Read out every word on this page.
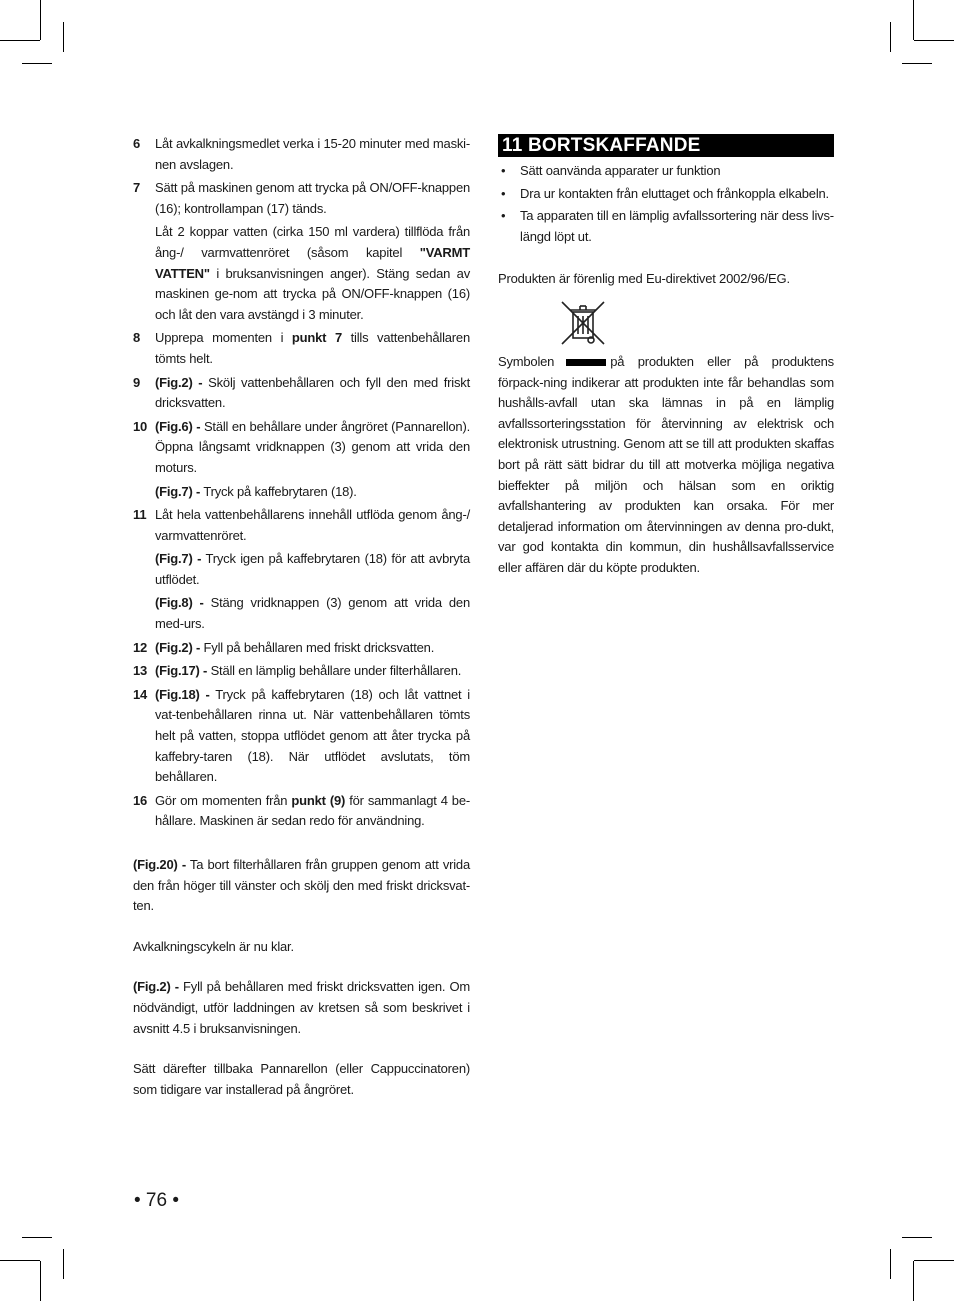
6 Låt avkalkningsmedlet verka i 15-20 minuter med maski-nen avslagen.
7 Sätt på maskinen genom att trycka på ON/OFF-knappen (16); kontrollampan (17) tänds.
Låt 2 koppar vatten (cirka 150 ml vardera) tillflöda från ång-/ varmvattenröret (såsom kapitel "VARMT VATTEN" i bruksanvisningen anger). Stäng sedan av maskinen ge-nom att trycka på ON/OFF-knappen (16) och låt den vara avstängd i 3 minuter.
8 Upprepa momenten i punkt 7 tills vattenbehållaren tömts helt.
9 (Fig.2) - Skölj vattenbehållaren och fyll den med friskt dricksvatten.
10 (Fig.6) - Ställ en behållare under ångröret (Pannarellon). Öppna långsamt vridknappen (3) genom att vrida den moturs.
(Fig.7) - Tryck på kaffebrytaren (18).
11 Låt hela vattenbehållarens innehåll utflöda genom ång-/ varmvattenröret.
(Fig.7) - Tryck igen på kaffebrytaren (18) för att avbryta utflödet.
(Fig.8) - Stäng vridknappen (3) genom att vrida den med-urs.
12 (Fig.2) - Fyll på behållaren med friskt dricksvatten.
13 (Fig.17) - Ställ en lämplig behållare under filterhållaren.
14 (Fig.18) - Tryck på kaffebrytaren (18) och låt vattnet i vat-tenbehållaren rinna ut. När vattenbehållaren tömts helt på vatten, stoppa utflödet genom att åter trycka på kaffebry-taren (18). När utflödet avslutats, töm behållaren.
16 Gör om momenten från punkt (9) för sammanlagt 4 be-hållare. Maskinen är sedan redo för användning.
(Fig.20) - Ta bort filterhållaren från gruppen genom att vrida den från höger till vänster och skölj den med friskt dricksvat-ten.
Avkalkningscykeln är nu klar.
(Fig.2) - Fyll på behållaren med friskt dricksvatten igen. Om nödvändigt, utför laddningen av kretsen så som beskrivet i avsnitt 4.5 i bruksanvisningen.
Sätt därefter tillbaka Pannarellon (eller Cappuccinatoren) som tidigare var installerad på ångröret.
11 BORTSKAFFANDE
• Sätt oanvända apparater ur funktion
• Dra ur kontakten från eluttaget och frånkoppla elkabeln.
• Ta apparaten till en lämplig avfallssortering när dess livs-längd löpt ut.
Produkten är förenlig med Eu-direktivet 2002/96/EG.
Symbolen	på produkten eller på produktens förpack-ning indikerar att produkten inte får behandlas som hushålls-avfall utan ska lämnas in på en lämplig avfallssorteringsstation för återvinning av elektrisk och elektronisk utrustning. Genom att se till att produkten skaffas bort på rätt sätt bidrar du till att motverka möjliga negativa bieffekter på miljön och hälsan som en oriktig avfallshantering av produkten kan orsaka. För mer detaljerad information om återvinningen av denna pro-dukt, var god kontakta din kommun, din hushållsavfallsservice eller affären där du köpte produkten.
• 76 •
